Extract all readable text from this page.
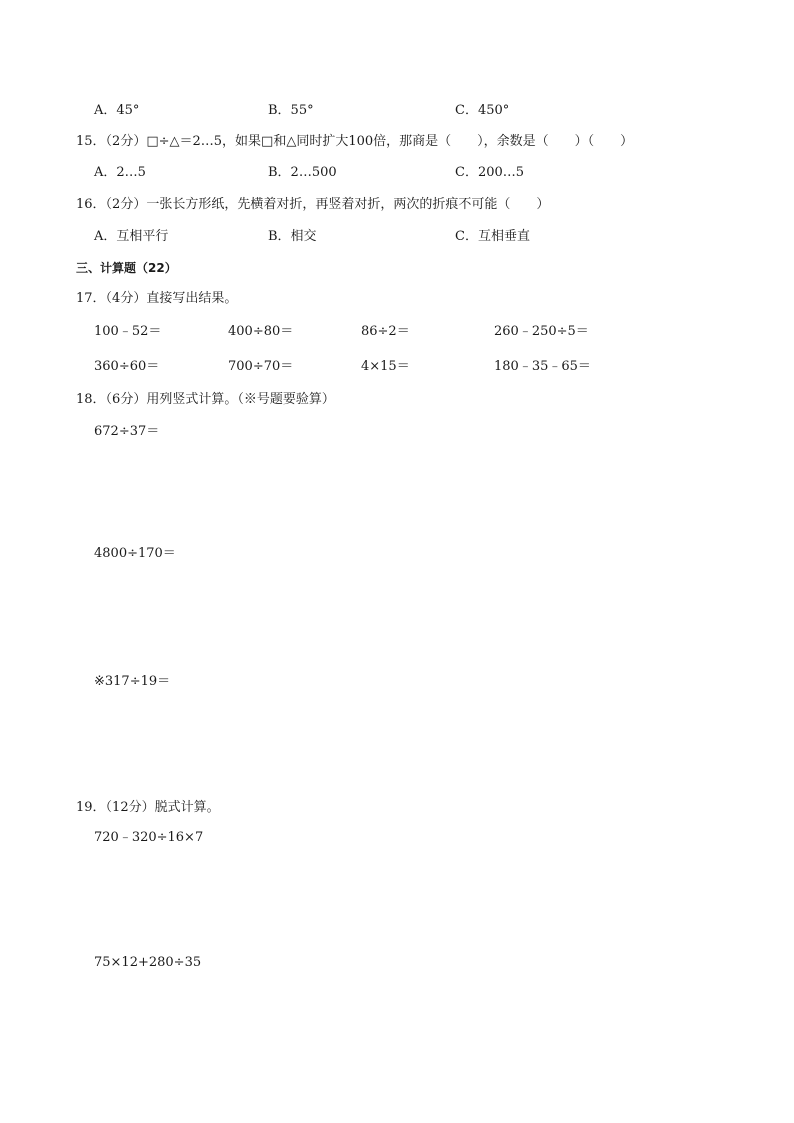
A．45°	B．55°	C．450°
15．（2分）□÷△＝2…5，如果□和△同时扩大100倍，那商是（　　），余数是（　　）（　　）
A．2…5	B．2…500	C．200…5
16．（2分）一张长方形纸，先横着对折，再竖着对折，两次的折痕不可能（　　）
A．互相平行	B．相交	C．互相垂直
三、计算题（22）
17．（4分）直接写出结果。
100﹣52＝	400÷80＝	86÷2＝	260﹣250÷5＝
360÷60＝	700÷70＝	4×15＝	180﹣35﹣65＝
18．（6分）用列竖式计算。（※号题要验算）
672÷37＝
4800÷170＝
※317÷19＝
19．（12分）脱式计算。
720﹣320÷16×7
75×12+280÷35
